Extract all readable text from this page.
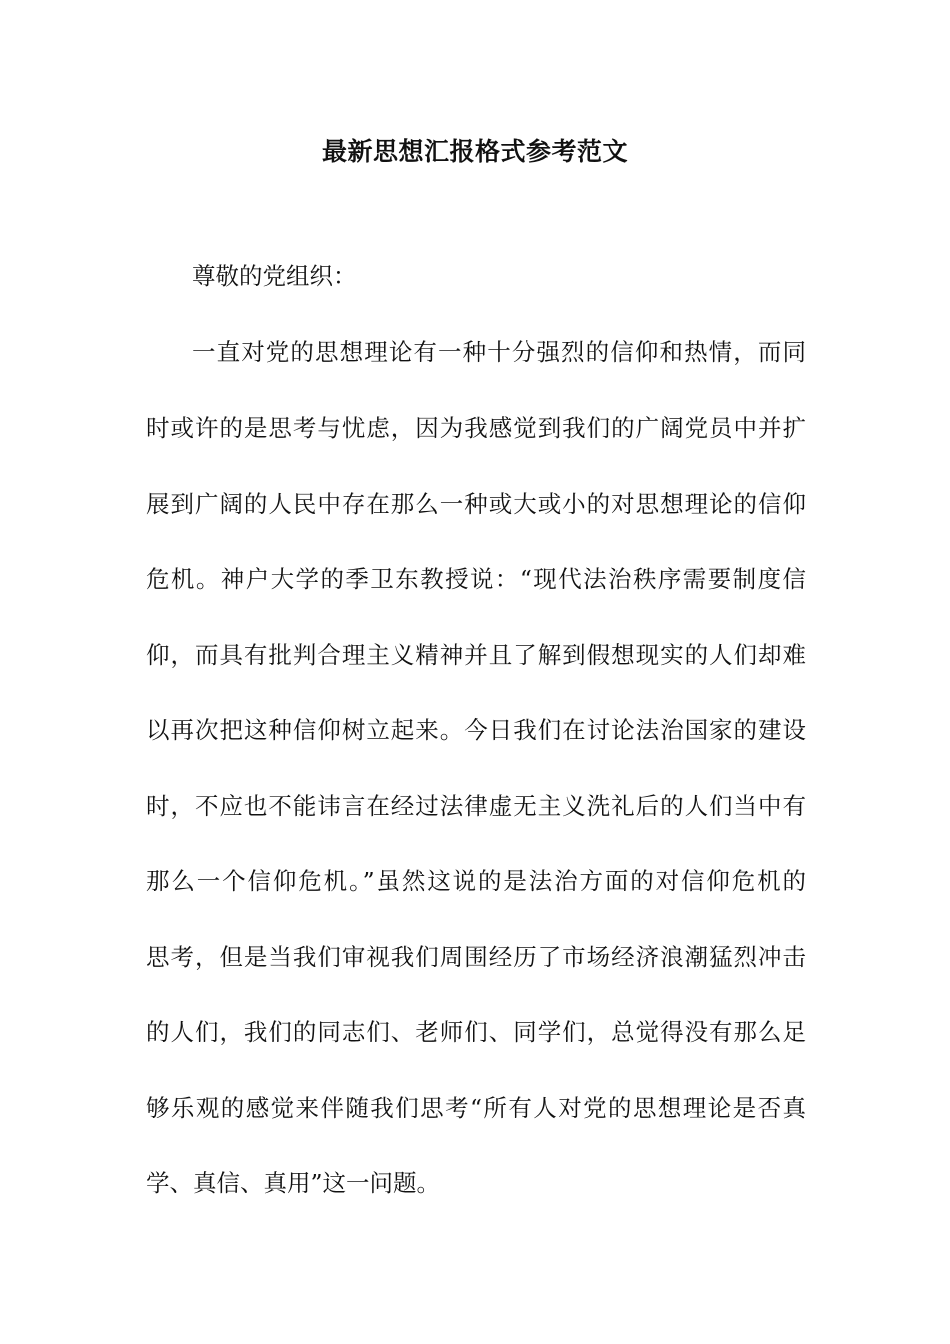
最新思想汇报格式参考范文
尊敬的党组织：
一直对党的思想理论有一种十分强烈的信仰和热情，而同
时或许的是思考与忧虑，因为我感觉到我们的广阔党员中并扩
展到广阔的人民中存在那么一种或大或小的对思想理论的信仰
危机。神户大学的季卫东教授说：“现代法治秩序需要制度信
仰，而具有批判合理主义精神并且了解到假想现实的人们却难
以再次把这种信仰树立起来。今日我们在讨论法治国家的建设
时，不应也不能讳言在经过法律虚无主义洗礼后的人们当中有
那么一个信仰危机。”虽然这说的是法治方面的对信仰危机的
思考，但是当我们审视我们周围经历了市场经济浪潮猛烈冲击
的人们，我们的同志们、老师们、同学们，总觉得没有那么足
够乐观的感觉来伴随我们思考“所有人对党的思想理论是否真
学、真信、真用”这一问题。
